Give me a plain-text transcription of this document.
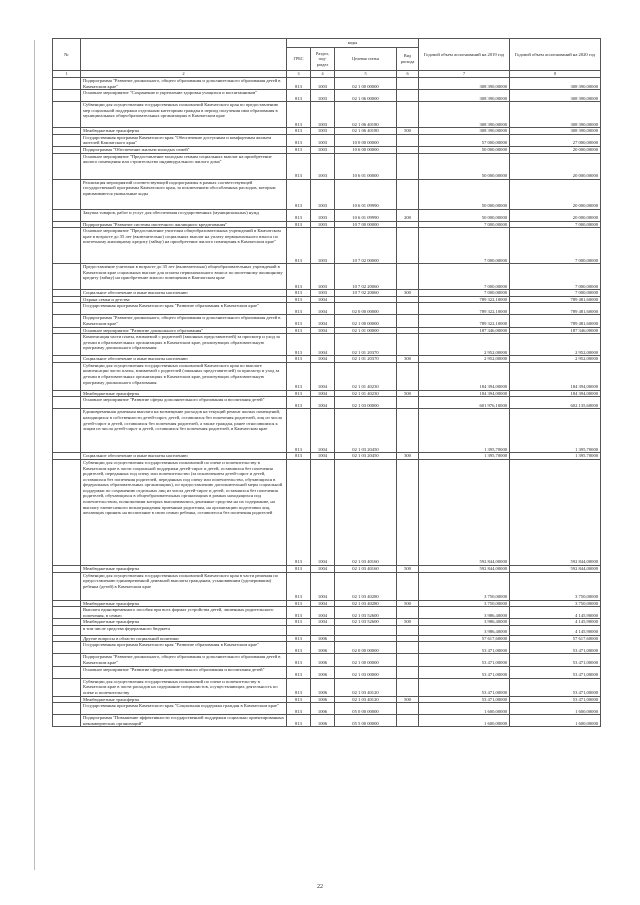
№		коды				Годовой объем ассигнований на 2019 год	Годовой объем ассигнований на 2020 год
		ГРБС	Раздел, под-раздел	Целевая статья	Вид расхода		
1	2	3	4	5	6	7	8
	Подпрограмма "Развитие дошкольного, общего образования и дополнительного образования детей в Камчатском крае"	813	1003	02 1 00 00000		308 390,00000	308 390,00000
	Основное мероприятие "Сохранение и укрепление здоровья учащихся и воспитанников"	813	1003	02 1 06 00000		308 390,00000	308 390,00000
	Субвенции для осуществления государственных полномочий Камчатского края по предоставлению мер социальной поддержки отдельным категориям граждан в период получения ими образования в муниципальных общеобразовательных организациях в Камчатском крае	813	1003	02 1 06 40180		308 390,00000	308 390,00000
	Межбюджетные трансферты	813	1003	02 1 06 40180	500	308 390,00000	308 390,00000
	Государственная программа Камчатского края "Обеспечение доступным и комфортным жильем жителей Камчатского края"	813	1003	10 0 00 00000		57 000,00000	27 000,00000
	Подпрограмма "Обеспечение жильем молодых семей"	813	1003	10 6 00 00000		50 000,00000	20 000,00000
	Основное мероприятие "Предоставление молодым семьям социальных выплат на приобретение жилого помещения или строительство индивидуального жилого дома"	813	1003	10 6 01 00000		50 000,00000	20 000,00000
	Реализация мероприятий соответствующей подпрограммы в рамках соответствующей государственной программы Камчатского края, за исключением обособленных расходов, которым присваиваются уникальные коды	813	1003	10 6 01 09990		50 000,00000	20 000,00000
	Закупка товаров, работ и услуг для обеспечения государственных (муниципальных) нужд	813	1003	10 6 01 09990	200	50 000,00000	20 000,00000
	Подпрограмма "Развитие системы ипотечного жилищного кредитования"	813	1003	10 7 00 00000		7 000,00000	7 000,00000
	Основное мероприятие "Предоставление учителям общеобразовательных учреждений в Камчатском крае в возрасте до 35 лет (включительно) социальных выплат на уплату первоначального взноса по ипотечному жилищному кредиту (займу) на приобретение жилого помещения в Камчатском крае"	813	1003	10 7 02 00000		7 000,00000	7 000,00000
	Предоставление учителям в возрасте до 35 лет (включительно) общеобразовательных учреждений в Камчатском крае социальных выплат для оплаты первоначального взноса по ипотечному жилищному кредиту (займу) на приобретение жилого помещения в Камчатском крае	813	1003	10 7 02 20060		7 000,00000	7 000,00000
	Социальное обеспечение и иные выплаты населению	813	1003	10 7 02 20060	300	7 000,00000	7 000,00000
	Охрана семьи и детства	813	1004			789 322,10000	789 481,60000
	Государственная программа Камчатского края "Развитие образования в Камчатском крае"	813	1004	02 0 00 00000		789 322,10000	789 481,60000
	Подпрограмма "Развитие дошкольного, общего образования и дополнительного образования детей в Камчатском крае"	813	1004	02 1 00 00000		789 322,10000	789 481,60000
	Основное мероприятие "Развитие дошкольного образования"	813	1004	02 1 01 00000		187 346,00000	187 346,00000
	Компенсация части платы, взимаемой с родителей (законных представителей) за присмотр и уход за детьми в образовательных организациях в Камчатском крае, реализующих образовательную программу дошкольного образования	813	1004	02 1 01 20370		2 952,00000	2 952,00000
	Социальное обеспечение и иные выплаты населению	813	1004	02 1 01 20370	300	2 952,00000	2 952,00000
	Субвенции для осуществления государственных полномочий Камчатского края по выплате компенсации части платы, взимаемой с родителей (законных представителей) за присмотр и уход за детьми в образовательных организациях в Камчатском крае, реализующих образовательную программу дошкольного образования	813	1004	02 1 01 40230		184 394,00000	184 394,00000
	Межбюджетные трансферты	813	1004	02 1 01 40230	500	184 394,00000	184 394,00000
	Основное мероприятие "Развитие сферы дополнительного образования и воспитания детей"	813	1004	02 1 03 00000		601 976,10000	602 135,60000
	Единовременная денежная выплата на возмещение расходов на текущий ремонт жилых помещений, находящихся в собственности детей-сирот, детей, оставшихся без попечения родителей, лиц из числа детей-сирот и детей, оставшихся без попечения родителей, а также граждан, ранее относившихся к лицам из числа детей-сирот и детей, оставшихся без попечения родителей, в Камчатском крае	813	1004	02 1 03 20450		1 395,70000	1 395,70000
	Социальное обеспечение и иные выплаты населению	813	1004	02 1 03 20450	300	1 395,70000	1 395,70000
	Субвенции для осуществления государственных полномочий по опеке и попечительству в Камчатском крае в части социальной поддержки детей-сирот и детей, оставшихся без попечения родителей, переданных под опеку или попечительство (за исключением детей-сирот и детей, оставшихся без попечения родителей, переданных под опеку или попечительство, обучающихся в федеральных образовательных организациях), по предоставлению дополнительной меры социальной поддержки по сохранению отдельных лиц из числа детей-сирот и детей, оставшихся без попечения родителей, обучающихся в общеобразовательных организациях в рамках находящихся под попечительством, полномочиям которых выплачивались денежные средства на их содержание, на выплату ежемесячного вознаграждения приемным родителям, на организацию подготовки лиц, желающих принять на воспитание в свою семью ребенка, оставшегося без попечения родителей	813	1004	02 1 03 40160		592 844,00000	592 844,00000
	Межбюджетные трансферты	813	1004	02 1 03 40160	500	592 844,00000	592 844,00000
	Субвенции для осуществления государственных полномочий Камчатского края в части решения по предоставлению единовременной денежной выплаты гражданам, усыновившим (удочерившим) ребенка (детей) в Камчатском крае	813	1004	02 1 03 40280		3 750,00000	3 750,00000
	Межбюджетные трансферты	813	1004	02 1 03 40280	500	3 750,00000	3 750,00000
	Выплата единовременного пособия при всех формах устройства детей, лишенных родительского попечения, в семью	813	1004	02 1 03 52600		3 986,40000	4 145,90000
	Межбюджетные трансферты	813	1004	02 1 03 52600	500	3 986,40000	4 145,90000
	в том числе средства федерального бюджета					3 986,40000	4 145,90000
	Другие вопросы в области социальной политики	813	1006			57 617,60000	57 617,60000
	Государственная программа Камчатского края "Развитие образования в Камчатском крае"	813	1006	02 0 00 00000		53 471,00000	53 471,00000
	Подпрограмма "Развитие дошкольного, общего образования и дополнительного образования детей в Камчатском крае"	813	1006	02 1 00 00000		53 471,00000	53 471,00000
	Основное мероприятие "Развитие сферы дополнительного образования и воспитания детей"	813	1006	02 1 03 00000		53 471,00000	53 471,00000
	Субвенции для осуществления государственных полномочий по опеке и попечительству в Камчатском крае в части расходов на содержание специалистов, осуществляющих деятельность по опеке и попечительству	813	1006	02 1 03 40120		53 471,00000	53 471,00000
	Межбюджетные трансферты	813	1006	02 1 03 40120	500	53 471,00000	53 471,00000
	Государственная программа Камчатского края "Социальная поддержка граждан в Камчатском крае"	813	1006	05 0 00 00000		1 600,00000	1 600,00000
	Подпрограмма "Повышение эффективности государственной поддержки социально ориентированных некоммерческих организаций"	813	1006	05 5 00 00000		1 600,00000	1 600,00000
22
